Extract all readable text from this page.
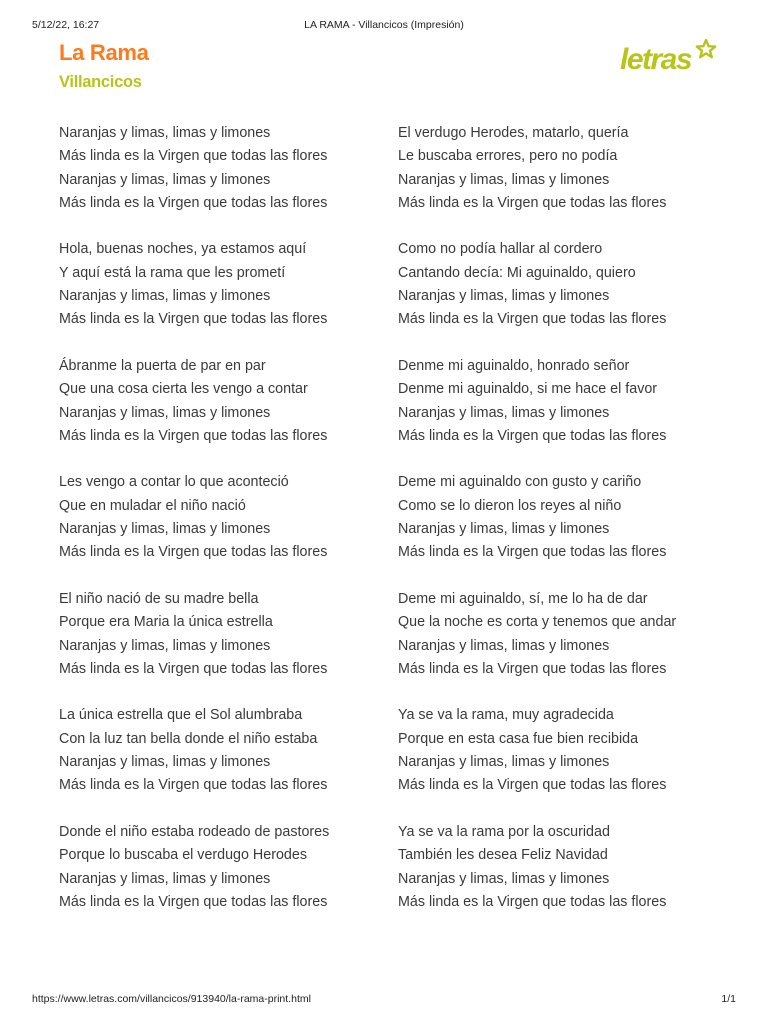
5/12/22, 16:27	LA RAMA - Villancicos (Impresión)
La Rama
Villancicos
letras
Naranjas y limas, limas y limones
Más linda es la Virgen que todas las flores
Naranjas y limas, limas y limones
Más linda es la Virgen que todas las flores
Hola, buenas noches, ya estamos aquí
Y aquí está la rama que les prometí
Naranjas y limas, limas y limones
Más linda es la Virgen que todas las flores
Ábranme la puerta de par en par
Que una cosa cierta les vengo a contar
Naranjas y limas, limas y limones
Más linda es la Virgen que todas las flores
Les vengo a contar lo que aconteció
Que en muladar el niño nació
Naranjas y limas, limas y limones
Más linda es la Virgen que todas las flores
El niño nació de su madre bella
Porque era Maria la única estrella
Naranjas y limas, limas y limones
Más linda es la Virgen que todas las flores
La única estrella que el Sol alumbraba
Con la luz tan bella donde el niño estaba
Naranjas y limas, limas y limones
Más linda es la Virgen que todas las flores
Donde el niño estaba rodeado de pastores
Porque lo buscaba el verdugo Herodes
Naranjas y limas, limas y limones
Más linda es la Virgen que todas las flores
El verdugo Herodes, matarlo, quería
Le buscaba errores, pero no podía
Naranjas y limas, limas y limones
Más linda es la Virgen que todas las flores
Como no podía hallar al cordero
Cantando decía: Mi aguinaldo, quiero
Naranjas y limas, limas y limones
Más linda es la Virgen que todas las flores
Denme mi aguinaldo, honrado señor
Denme mi aguinaldo, si me hace el favor
Naranjas y limas, limas y limones
Más linda es la Virgen que todas las flores
Deme mi aguinaldo con gusto y cariño
Como se lo dieron los reyes al niño
Naranjas y limas, limas y limones
Más linda es la Virgen que todas las flores
Deme mi aguinaldo, sí, me lo ha de dar
Que la noche es corta y tenemos que andar
Naranjas y limas, limas y limones
Más linda es la Virgen que todas las flores
Ya se va la rama, muy agradecida
Porque en esta casa fue bien recibida
Naranjas y limas, limas y limones
Más linda es la Virgen que todas las flores
Ya se va la rama por la oscuridad
También les desea Feliz Navidad
Naranjas y limas, limas y limones
Más linda es la Virgen que todas las flores
https://www.letras.com/villancicos/913940/la-rama-print.html	1/1
